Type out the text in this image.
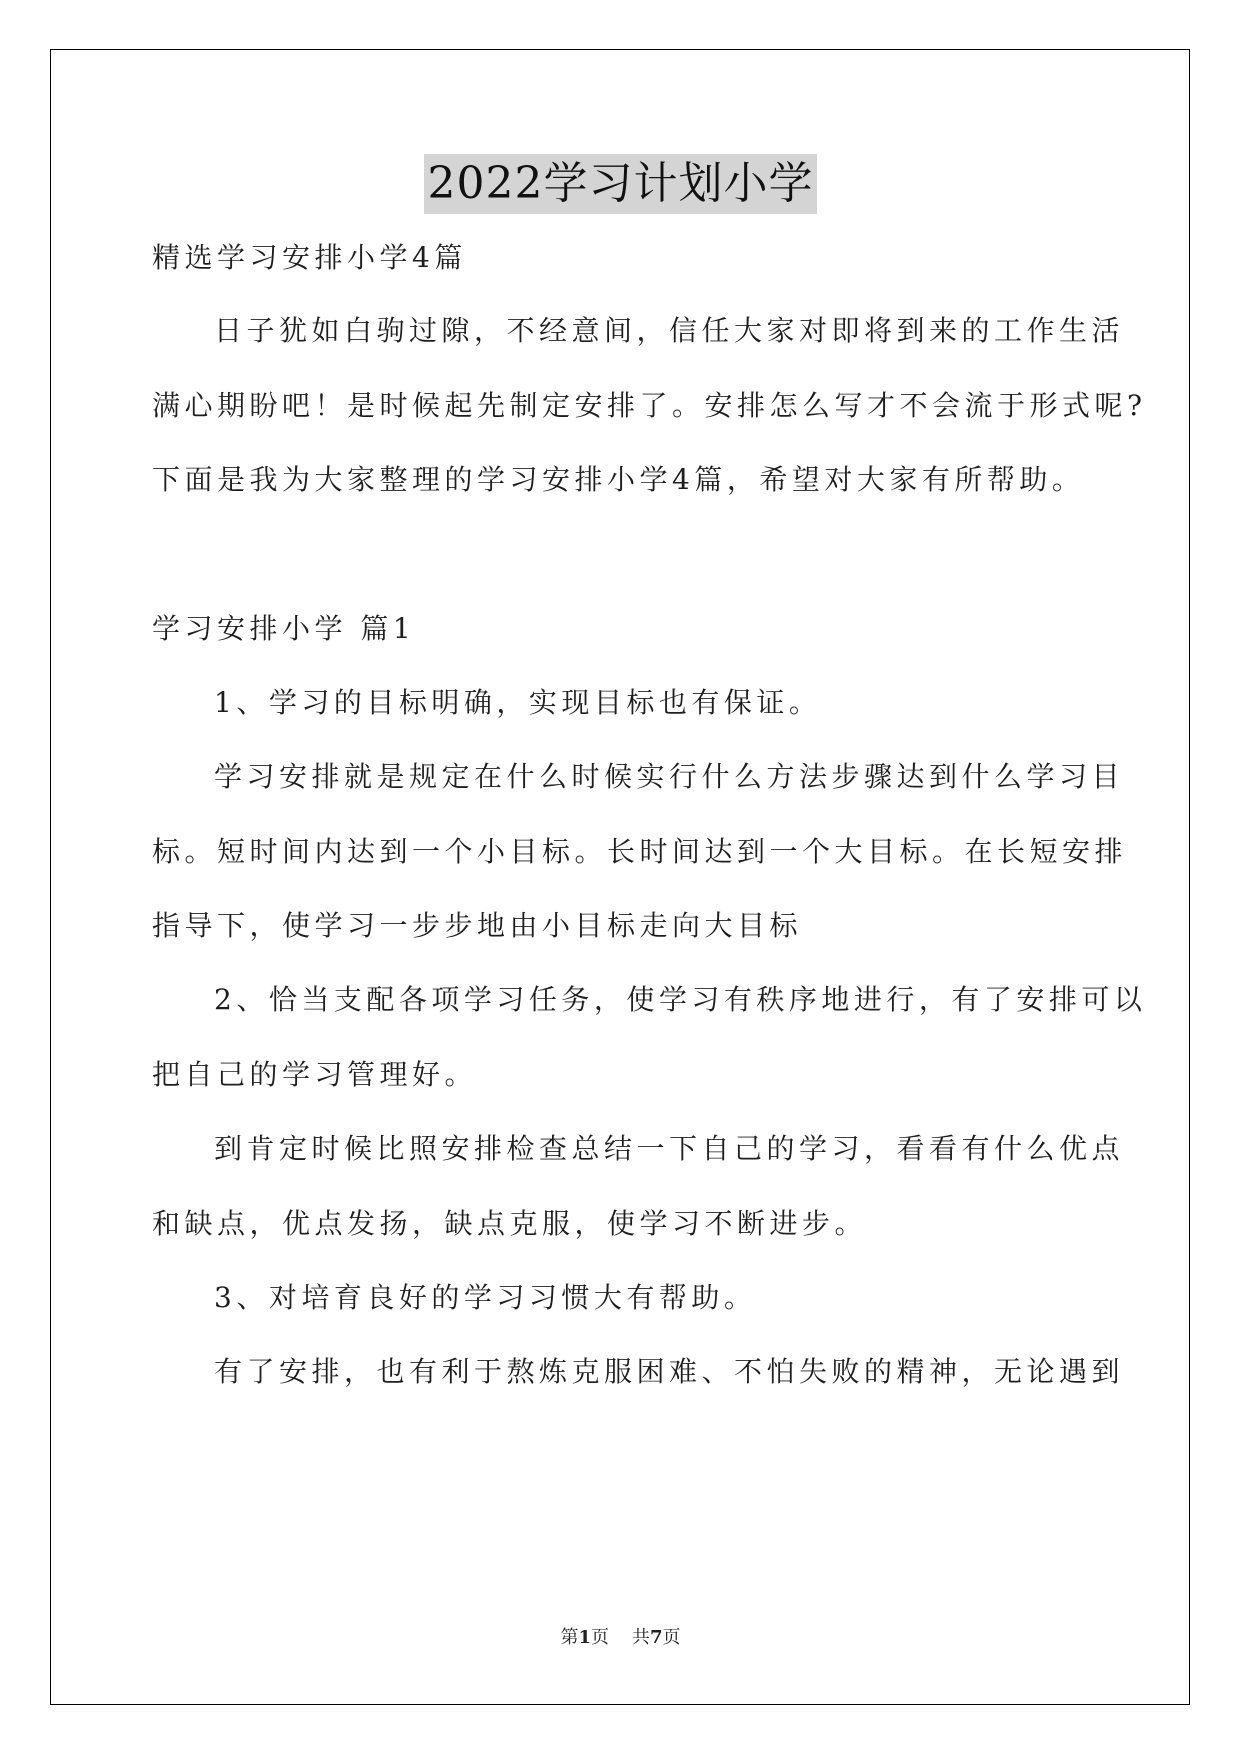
2022学习计划小学
精选学习安排小学4篇
日子犹如白驹过隙，不经意间，信任大家对即将到来的工作生活
满心期盼吧！是时候起先制定安排了。安排怎么写才不会流于形式呢?
下面是我为大家整理的学习安排小学4篇，希望对大家有所帮助。
学习安排小学 篇1
1、学习的目标明确，实现目标也有保证。
学习安排就是规定在什么时候实行什么方法步骤达到什么学习目
标。短时间内达到一个小目标。长时间达到一个大目标。在长短安排
指导下，使学习一步步地由小目标走向大目标
2、恰当支配各项学习任务，使学习有秩序地进行，有了安排可以
把自己的学习管理好。
到肯定时候比照安排检查总结一下自己的学习，看看有什么优点
和缺点，优点发扬，缺点克服，使学习不断进步。
3、对培育良好的学习习惯大有帮助。
有了安排，也有利于熬炼克服困难、不怕失败的精神，无论遇到
第1页    共7页
